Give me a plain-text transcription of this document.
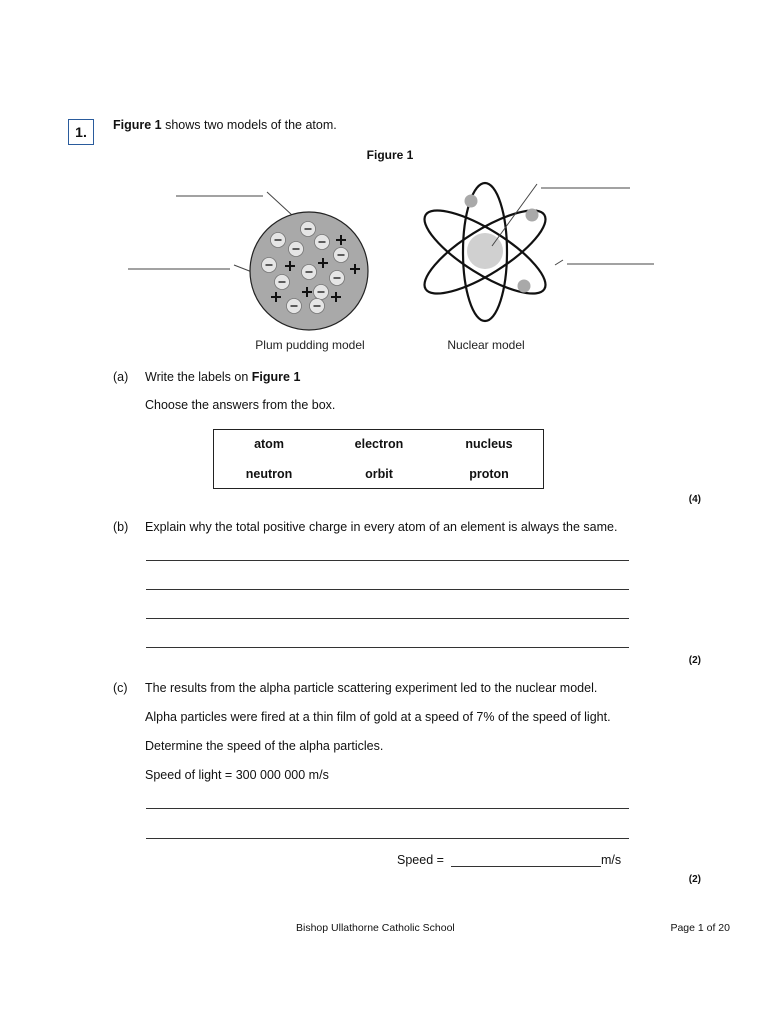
1.	Figure 1 shows two models of the atom.
Figure 1
Plum pudding model	Nuclear model
(a) Write the labels on Figure 1
Choose the answers from the box.
atom	electron	nucleus
neutron	orbit	proton
(4)
(b) Explain why the total positive charge in every atom of an element is always the same.
(2)
(c) The results from the alpha particle scattering experiment led to the nuclear model.
Alpha particles were fired at a thin film of gold at a speed of 7% of the speed of light.
Determine the speed of the alpha particles.
Speed of light = 300 000 000 m/s
Speed =	m/s
(2)
Bishop Ullathorne Catholic School	Page 1 of 20
